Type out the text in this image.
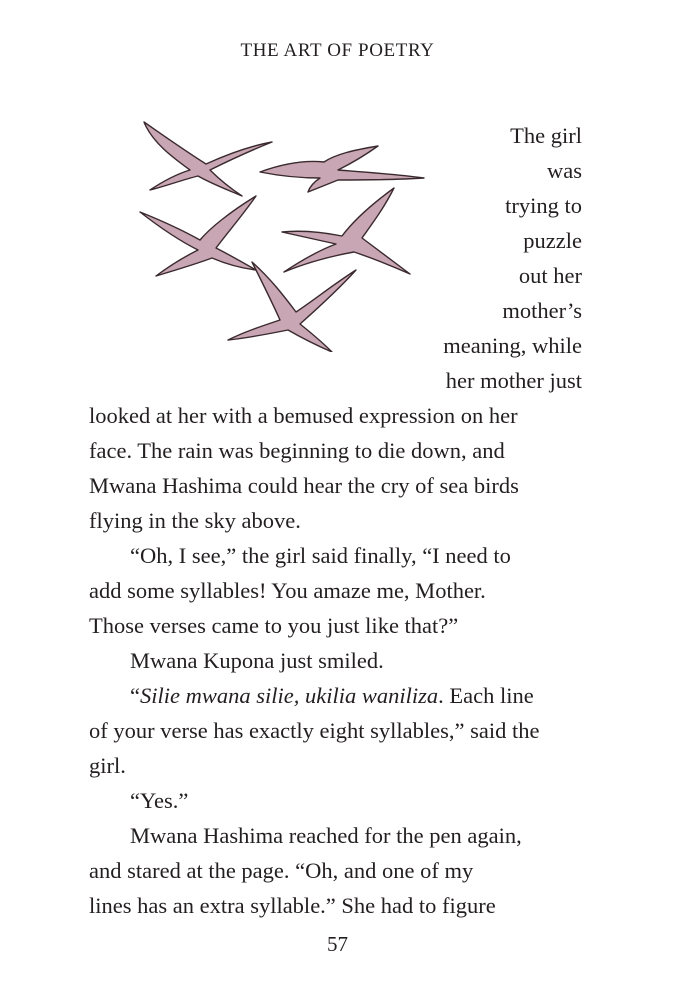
THE ART OF POETRY
The girl
was
trying to
puzzle
out her
mother’s
meaning, while
her mother just
looked at her with a bemused expression on her
face. The rain was beginning to die down, and
Mwana Hashima could hear the cry of sea birds
flying in the sky above.
“Oh, I see,” the girl said finally, “I need to
add some syllables! You amaze me, Mother.
Those verses came to you just like that?”
Mwana Kupona just smiled.
“Silie mwana silie, ukilia waniliza. Each line
of your verse has exactly eight syllables,” said the
girl.
“Yes.”
Mwana Hashima reached for the pen again,
and stared at the page. “Oh, and one of my
lines has an extra syllable.” She had to figure
57
